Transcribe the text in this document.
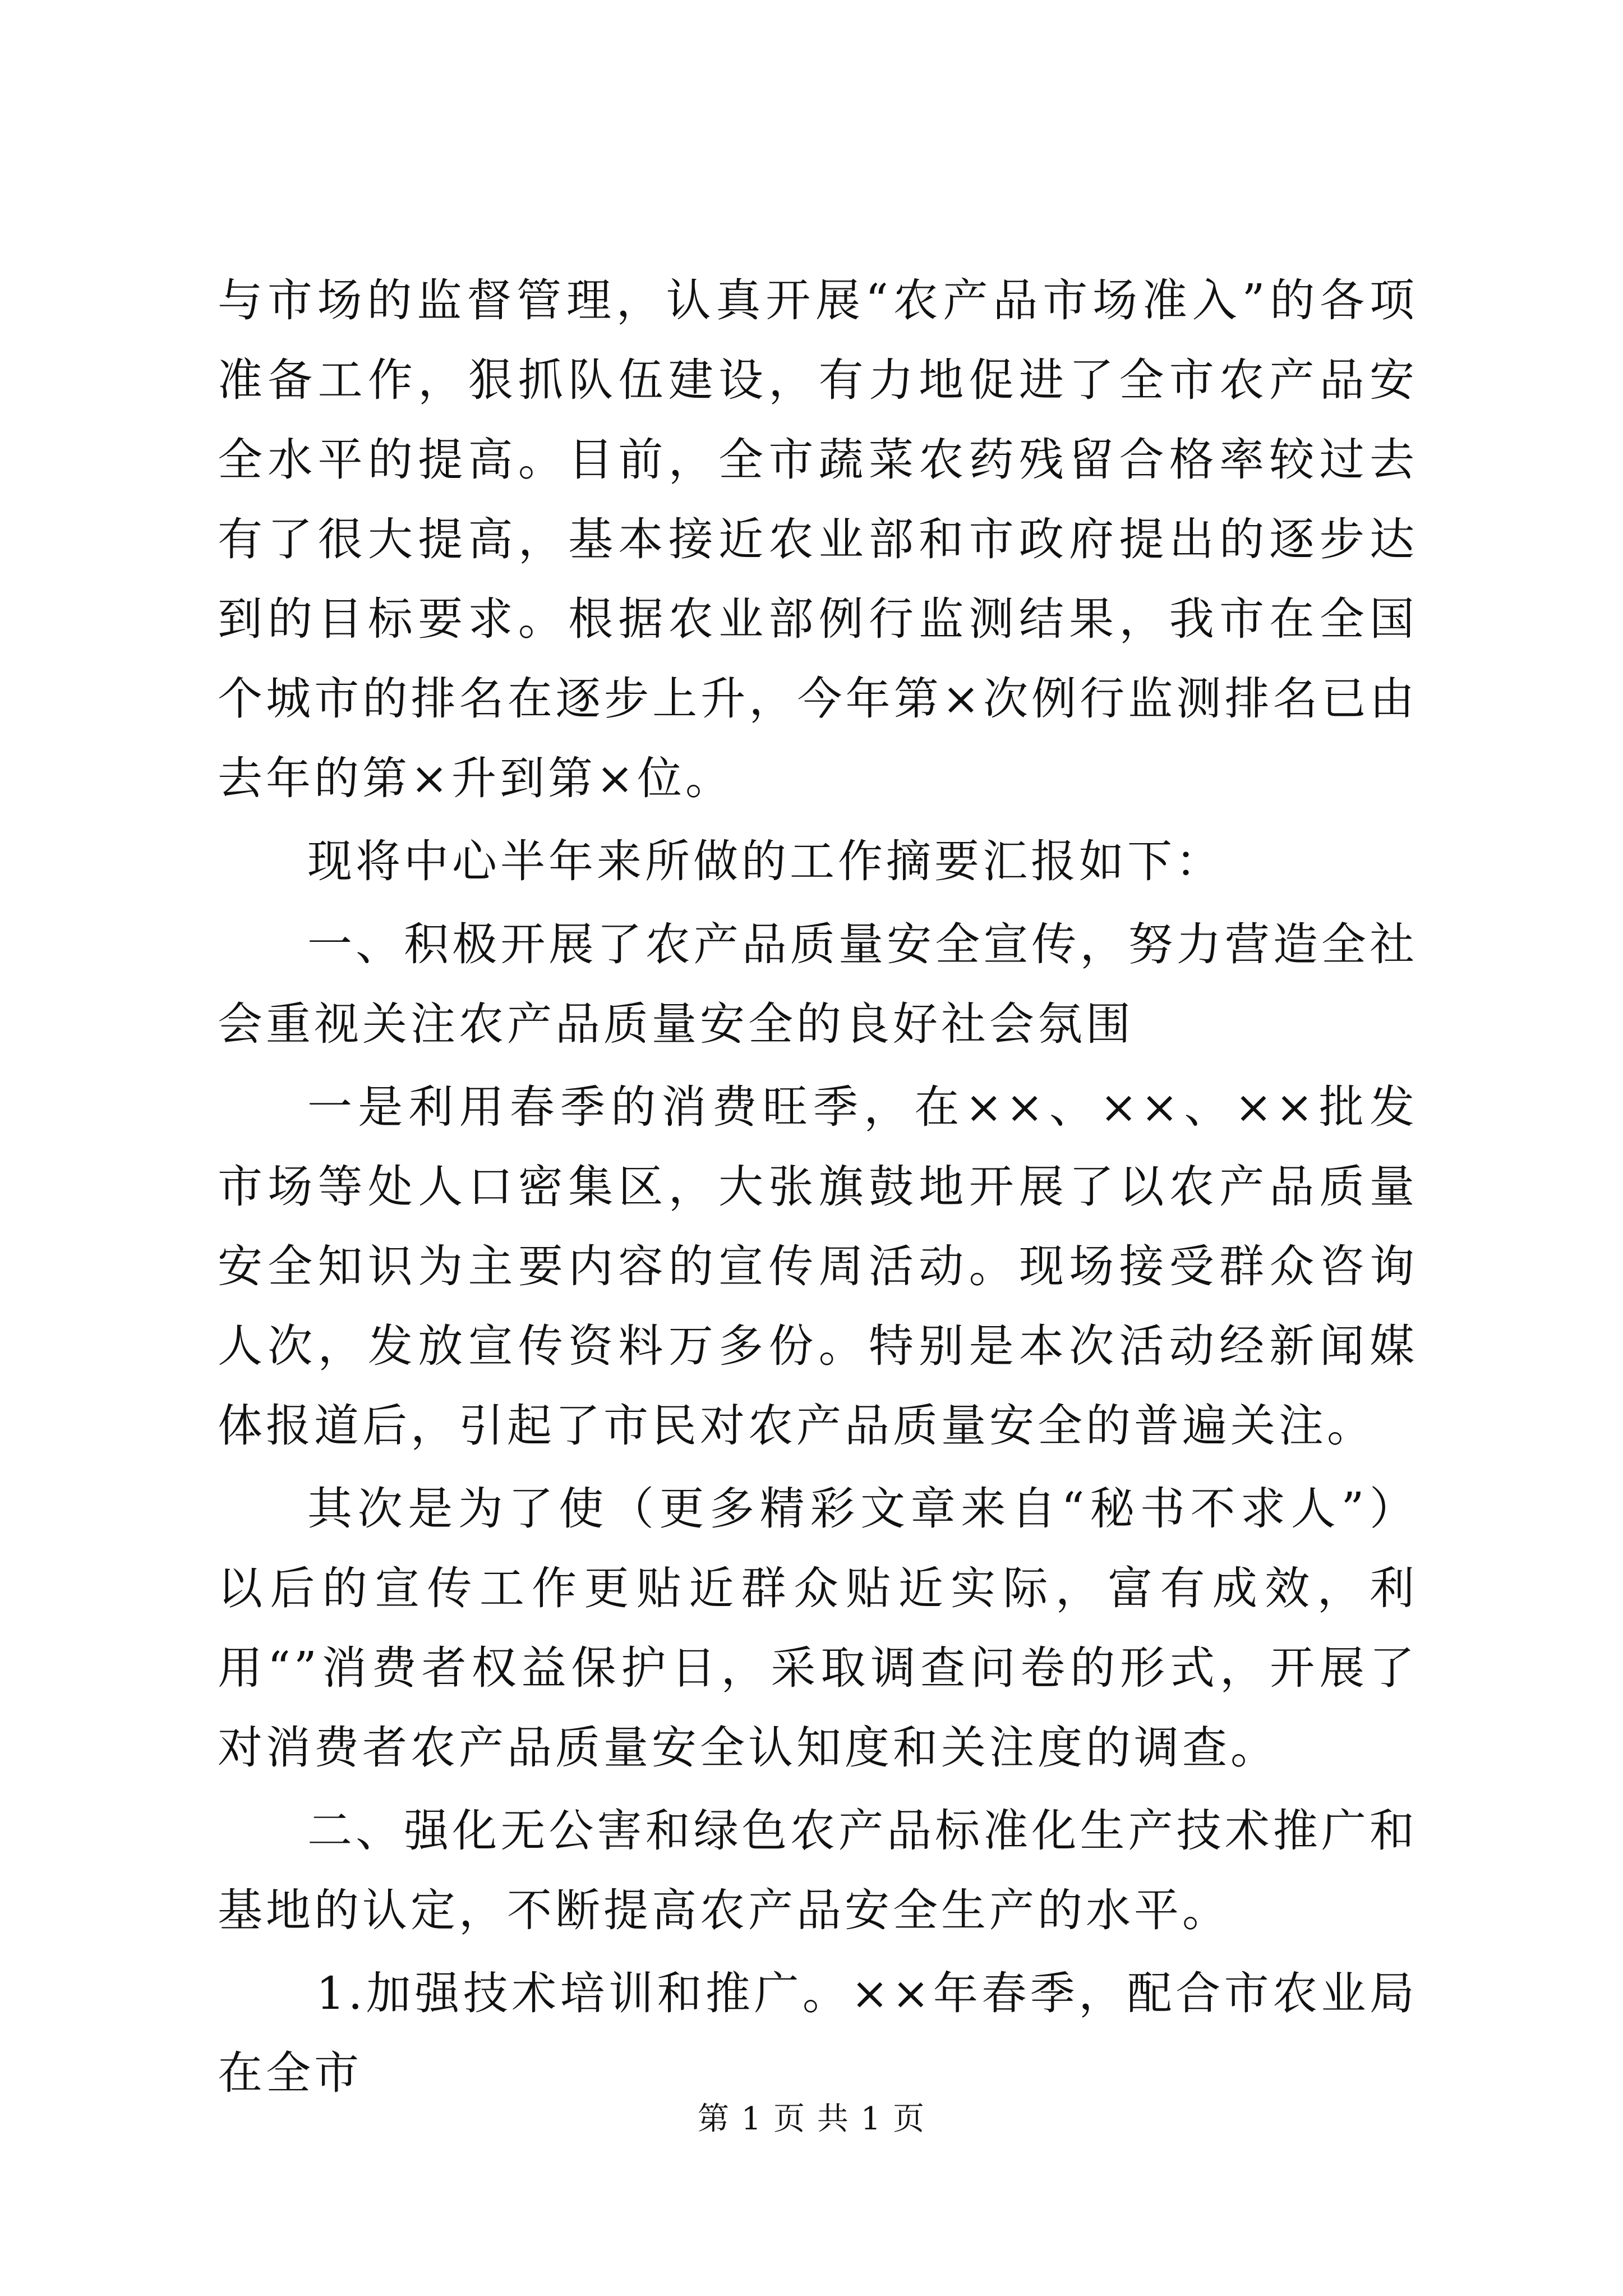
与市场的监督管理，认真开展“农产品市场准入”的各项准备工作，狠抓队伍建设，有力地促进了全市农产品安全水平的提高。目前，全市蔬菜农药残留合格率较过去有了很大提高，基本接近农业部和市政府提出的逐步达到的目标要求。根据农业部例行监测结果，我市在全国个城市的排名在逐步上升，今年第×次例行监测排名已由去年的第×升到第×位。

现将中心半年来所做的工作摘要汇报如下：

一、积极开展了农产品质量安全宣传，努力营造全社会重视关注农产品质量安全的良好社会氛围

一是利用春季的消费旺季，在××、××、××批发市场等处人口密集区，大张旗鼓地开展了以农产品质量安全知识为主要内容的宣传周活动。现场接受群众咨询人次，发放宣传资料万多份。特别是本次活动经新闻媒体报道后，引起了市民对农产品质量安全的普遍关注。

其次是为了使（更多精彩文章来自“秘书不求人”）以后的宣传工作更贴近群众贴近实际，富有成效，利用“”消费者权益保护日，采取调查问卷的形式，开展了对消费者农产品质量安全认知度和关注度的调查。

二、强化无公害和绿色农产品标准化生产技术推广和基地的认定，不断提高农产品安全生产的水平。

1.加强技术培训和推广。××年春季，配合市农业局在全市

第 1 页 共 1 页
